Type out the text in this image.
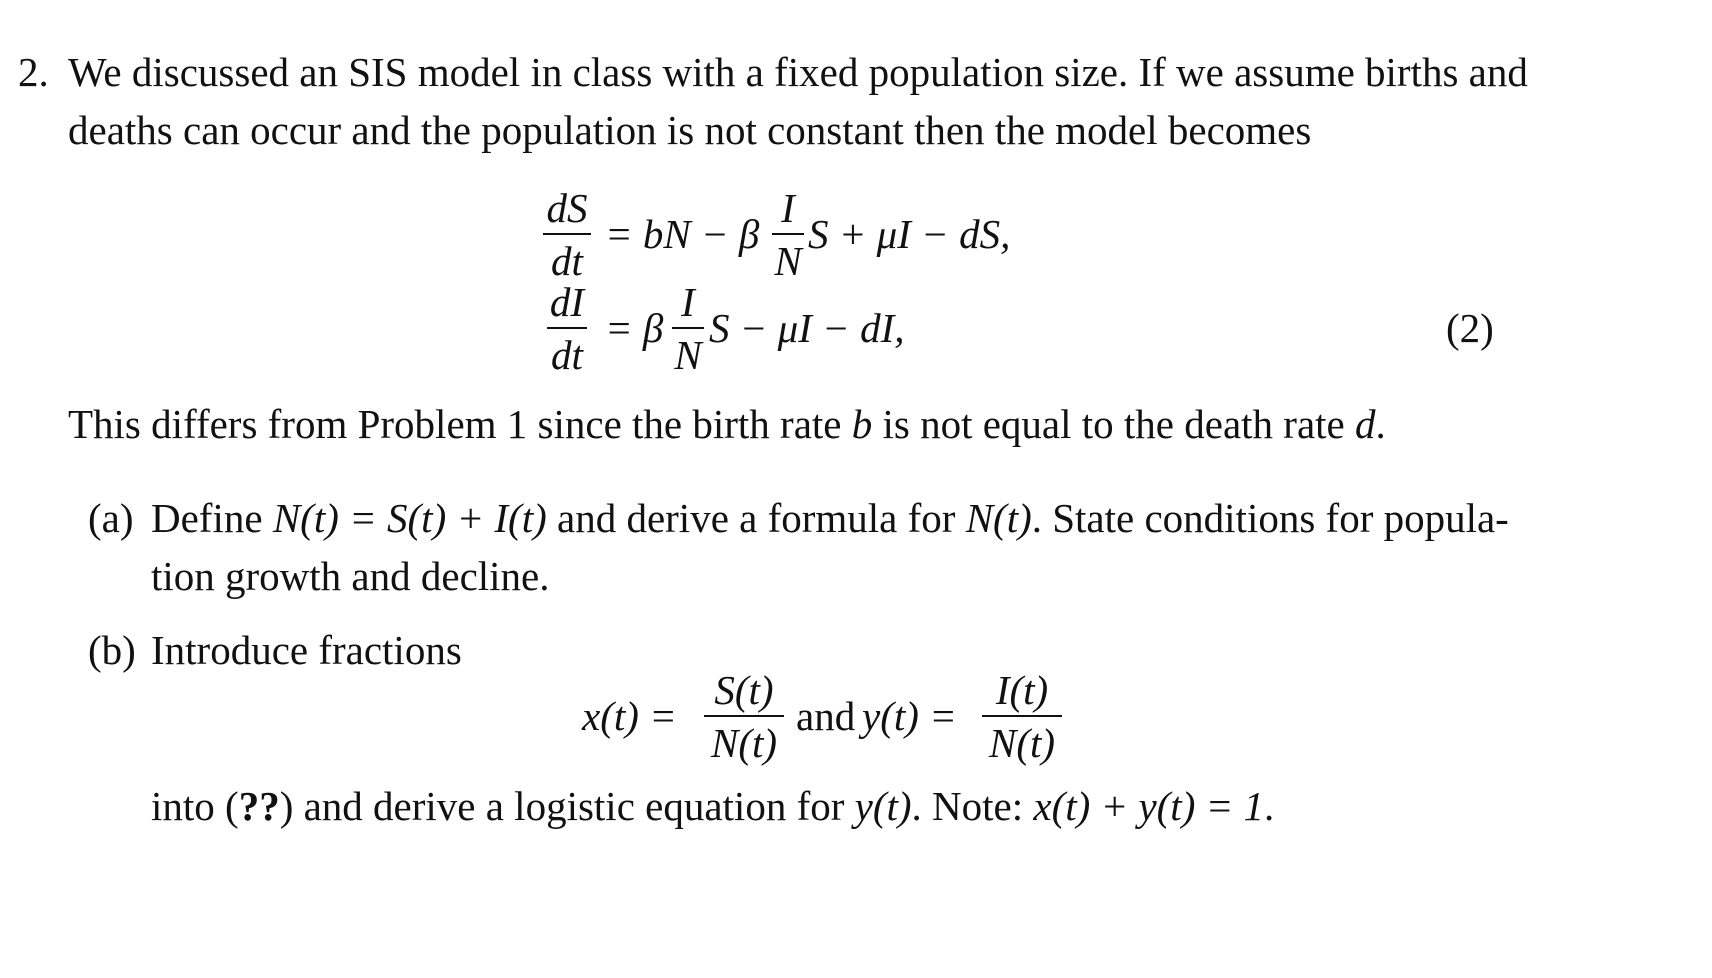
2. We discussed an SIS model in class with a fixed population size. If we assume births and
deaths can occur and the population is not constant then the model becomes
dS
dt
= bN − β
I
N
S + μI − dS,
dI
dt
= β
I
N
S − μI − dI,	(2)
This differs from Problem 1 since the birth rate b is not equal to the death rate d.
(a) Define N(t) = S(t) + I(t) and derive a formula for N(t). State conditions for popula-
tion growth and decline.
(b) Introduce fractions
x(t) =
S(t)
N(t)
and y(t) =
I(t)
N(t)
into (??) and derive a logistic equation for y(t). Note: x(t) + y(t) = 1.
